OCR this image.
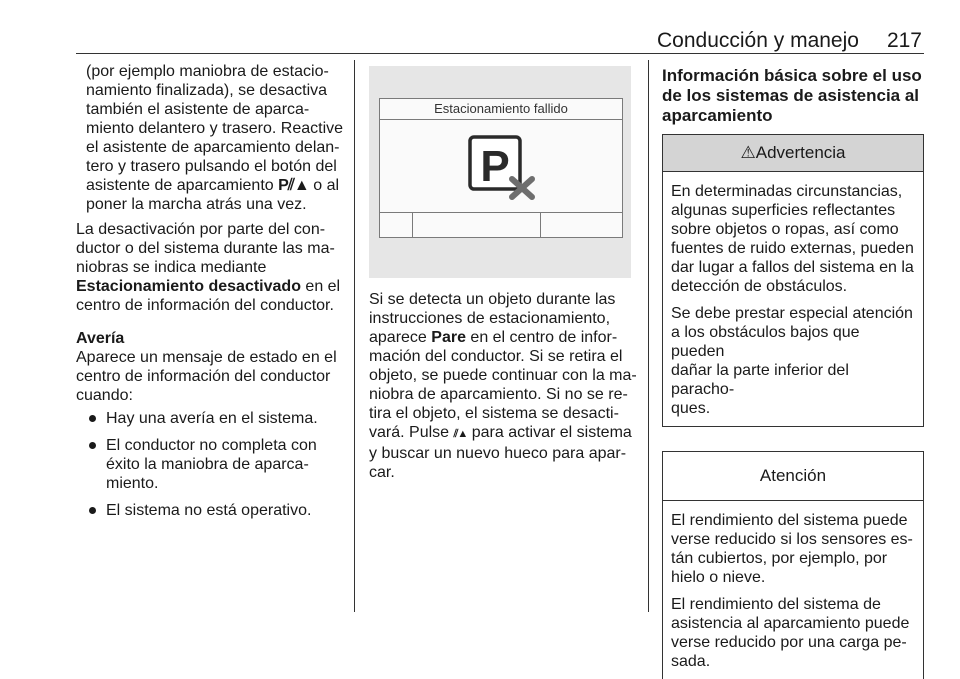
Conducción y manejo 217

(por ejemplo maniobra de estacio-
namiento finalizada), se desactiva
también el asistente de aparca-
miento delantero y trasero. Reactive
el asistente de aparcamiento delan-
tero y trasero pulsando el botón del
asistente de aparcamiento P⫽▲ o al
poner la marcha atrás una vez.

La desactivación por parte del con-
ductor o del sistema durante las ma-
niobras se indica mediante
Estacionamiento desactivado en el
centro de información del conductor.

Avería
Aparece un mensaje de estado en el
centro de información del conductor
cuando:

Hay una avería en el sistema.
El conductor no completa con
éxito la maniobra de aparca-
miento.
El sistema no está operativo.
Estacionamiento fallido
P

Si se detecta un objeto durante las
instrucciones de estacionamiento,
aparece Pare en el centro de infor-
mación del conductor. Si se retira el
objeto, se puede continuar con la ma-
niobra de aparcamiento. Si no se re-
tira el objeto, el sistema se desacti-
vará. Pulse ⫽▲ para activar el sistema
y buscar un nuevo hueco para apar-
car.

Información básica sobre el uso
de los sistemas de asistencia al
aparcamiento
⚠Advertencia

En determinadas circunstancias,
algunas superficies reflectantes
sobre objetos o ropas, así como
fuentes de ruido externas, pueden
dar lugar a fallos del sistema en la
detección de obstáculos.

Se debe prestar especial atención
a los obstáculos bajos que pueden
dañar la parte inferior del paracho-
ques.

Atención

El rendimiento del sistema puede
verse reducido si los sensores es-
tán cubiertos, por ejemplo, por
hielo o nieve.

El rendimiento del sistema de
asistencia al aparcamiento puede
verse reducido por una carga pe-
sada.
